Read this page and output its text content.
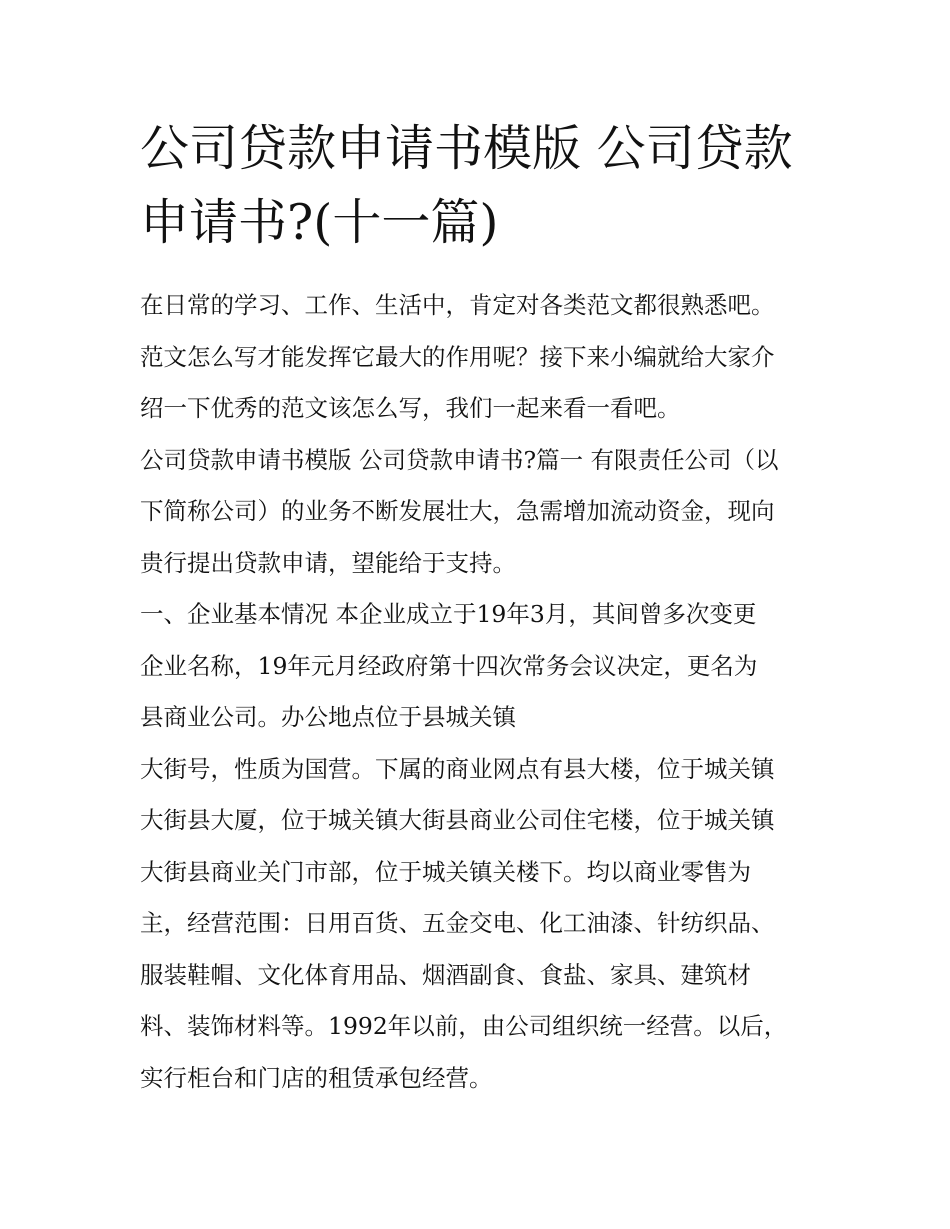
公司贷款申请书模版 公司贷款
申请书?(十一篇)
在日常的学习、工作、生活中，肯定对各类范文都很熟悉吧。
范文怎么写才能发挥它最大的作用呢？接下来小编就给大家介
绍一下优秀的范文该怎么写，我们一起来看一看吧。
公司贷款申请书模版 公司贷款申请书?篇一 有限责任公司（以
下简称公司）的业务不断发展壮大，急需增加流动资金，现向
贵行提出贷款申请，望能给于支持。
一、企业基本情况 本企业成立于19年3月，其间曾多次变更
企业名称，19年元月经政府第十四次常务会议决定，更名为
县商业公司。办公地点位于县城关镇
大街号，性质为国营。下属的商业网点有县大楼，位于城关镇
大街县大厦，位于城关镇大街县商业公司住宅楼，位于城关镇
大街县商业关门市部，位于城关镇关楼下。均以商业零售为
主，经营范围：日用百货、五金交电、化工油漆、针纺织品、
服装鞋帽、文化体育用品、烟酒副食、食盐、家具、建筑材
料、装饰材料等。1992年以前，由公司组织统一经营。以后，
实行柜台和门店的租赁承包经营。
